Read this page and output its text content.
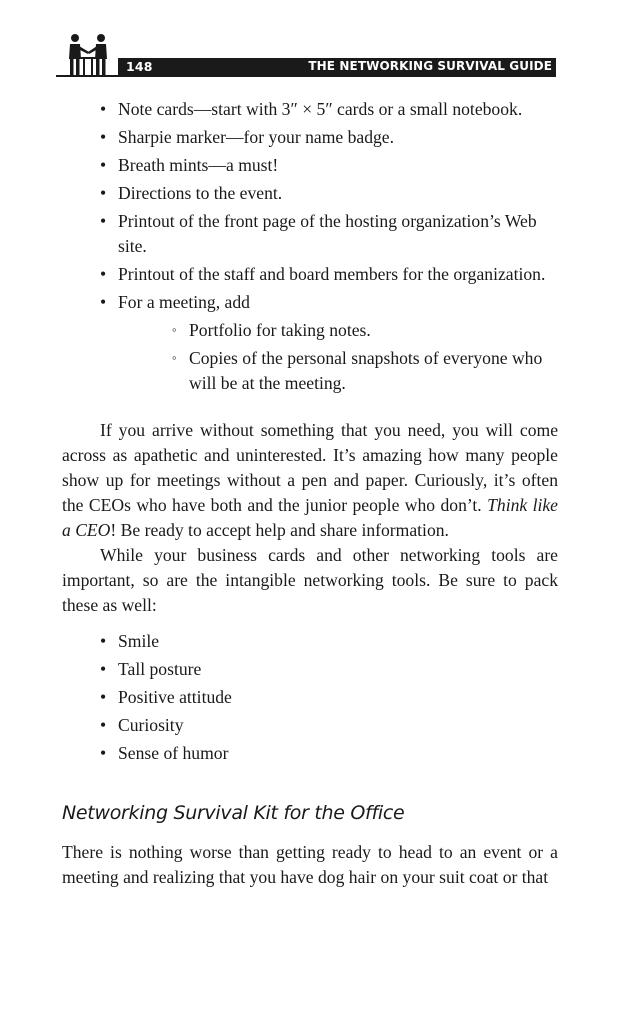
148	THE NETWORKING SURVIVAL GUIDE
• Note cards—start with 3″ × 5″ cards or a small notebook.
• Sharpie marker—for your name badge.
• Breath mints—a must!
• Directions to the event.
• Printout of the front page of the hosting organization’s Web site.
• Printout of the staff and board members for the organization.
• For a meeting, add
◦ Portfolio for taking notes.
◦ Copies of the personal snapshots of everyone who will be at the meeting.

If you arrive without something that you need, you will come across as apathetic and uninterested. It’s amazing how many people show up for meetings without a pen and paper. Curiously, it’s often the CEOs who have both and the junior people who don’t. Think like a CEO! Be ready to accept help and share information.

While your business cards and other networking tools are important, so are the intangible networking tools. Be sure to pack these as well:

• Smile
• Tall posture
• Positive attitude
• Curiosity
• Sense of humor
Networking Survival Kit for the Office

There is nothing worse than getting ready to head to an event or a meeting and realizing that you have dog hair on your suit coat or that
